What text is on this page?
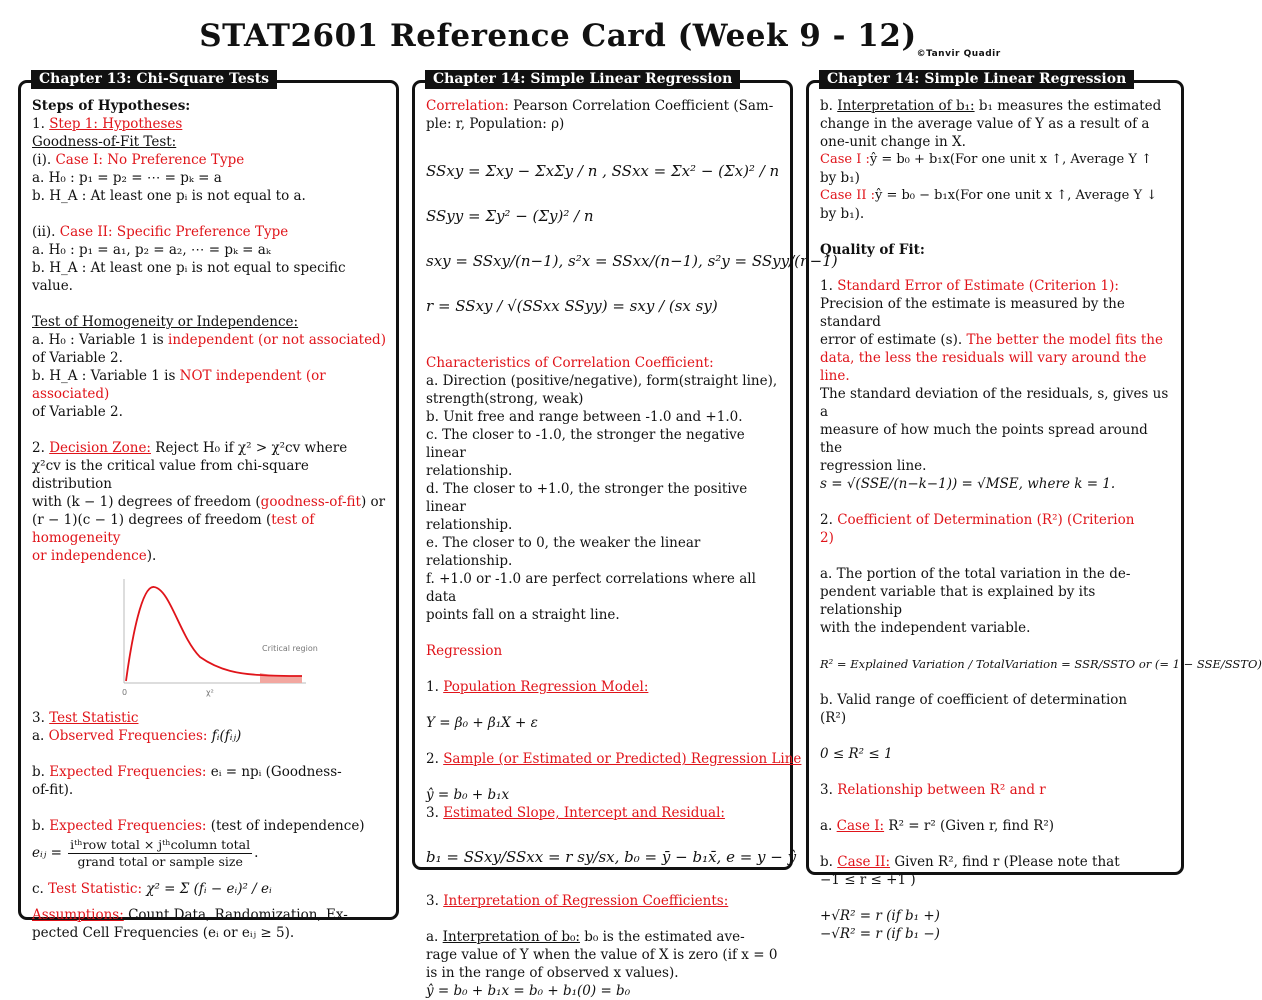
STAT2601 Reference Card (Week $9 - 12)_{©Tanvir Quadir}$
Chapter 13: Chi-Square Tests

Steps of Hypotheses:

1. Step 1: Hypotheses

Goodness-of-Fit Test:

(i). Case I: No Preference Type

a. H₀ : p₁ = p₂ = ⋯ = pₖ = a

b. H_A : At least one pᵢ is not equal to a.

(ii). Case II: Specific Preference Type

a. H₀ : p₁ = a₁, p₂ = a₂, ⋯ = pₖ = aₖ

b. H_A : At least one pᵢ is not equal to specific value.

Test of Homogeneity or Independence:

a. H₀ : Variable 1 is independent (or not associated)

of Variable 2.

b. H_A : Variable 1 is NOT independent (or associated)

of Variable 2.

2. Decision Zone: Reject H₀ if χ² > χ²cv where

χ²cv is the critical value from chi-square distribution

with (k − 1) degrees of freedom (goodness-of-fit) or

(r − 1)(c − 1) degrees of freedom (test of homogeneity

or independence).

Critical region
0	χ²

3. Test Statistic

a. Observed Frequencies: fᵢ(fᵢⱼ)

b. Expected Frequencies: eᵢ = npᵢ (Goodness-

of-fit).

b. Expected Frequencies: (test of independence)

eᵢⱼ = $\frac{\text{iᵗʰrow total × jᵗʰcolumn total}}{\text{grand total or sample size}}$ .

c. Test Statistic: χ² = Σ (fᵢ − eᵢ)² / eᵢ

Assumptions: Count Data, Randomization, Ex-

pected Cell Frequencies (eᵢ or eᵢⱼ ≥ 5).

Chapter 14: Simple Linear Regression

Correlation: Pearson Correlation Coefficient (Sam-

ple: r, Population: ρ)

SSxy = Σxy − ΣxΣy / n , SSxx = Σx² − (Σx)² / n

SSyy = Σy² − (Σy)² / n

sxy = SSxy/(n−1), s²x = SSxx/(n−1), s²y = SSyy/(n−1)

r = SSxy / √(SSxx SSyy) = sxy / (sx sy)

Characteristics of Correlation Coefficient:

a. Direction (positive/negative), form(straight line),

strength(strong, weak)

b. Unit free and range between -1.0 and +1.0.

c. The closer to -1.0, the stronger the negative linear

relationship.

d. The closer to +1.0, the stronger the positive linear

relationship.

e. The closer to 0, the weaker the linear relationship.

f. +1.0 or -1.0 are perfect correlations where all data

points fall on a straight line.

Regression

1. Population Regression Model:

Y = β₀ + β₁X + ε

2. Sample (or Estimated or Predicted) Regression Line

ŷ = b₀ + b₁x

3. Estimated Slope, Intercept and Residual:

b₁ = SSxy/SSxx = r sy/sx, b₀ = ȳ − b₁x̄, e = y − ŷ

3. Interpretation of Regression Coefficients:

a. Interpretation of b₀: b₀ is the estimated ave-

rage value of Y when the value of X is zero (if x = 0

is in the range of observed x values).

ŷ = b₀ + b₁x = b₀ + b₁(0) = b₀

Chapter 14: Simple Linear Regression

b. Interpretation of b₁: b₁ measures the estimated

change in the average value of Y as a result of a

one-unit change in X.

Case I :ŷ = b₀ + b₁x(For one unit x ↑, Average Y ↑

by b₁)

Case II :ŷ = b₀ − b₁x(For one unit x ↑, Average Y ↓

by b₁).

Quality of Fit:

1. Standard Error of Estimate (Criterion 1):

Precision of the estimate is measured by the standard

error of estimate (s). The better the model fits the

data, the less the residuals will vary around the line.

The standard deviation of the residuals, s, gives us a

measure of how much the points spread around the

regression line.

s = √(SSE/(n−k−1)) = √MSE, where k = 1.

2. Coefficient of Determination (R²) (Criterion

2)

a. The portion of the total variation in the de-

pendent variable that is explained by its relationship

with the independent variable.

R² = Explained Variation / TotalVariation = SSR/SSTO or (= 1 − SSE/SSTO)

b. Valid range of coefficient of determination

(R²)

0 ≤ R² ≤ 1

3. Relationship between R² and r

a. Case I: R² = r² (Given r, find R²)

b. Case II: Given R², find r (Please note that

−1 ≤ r ≤ +1 )

+√R² = r (if b₁ +)

−√R² = r (if b₁ −)
